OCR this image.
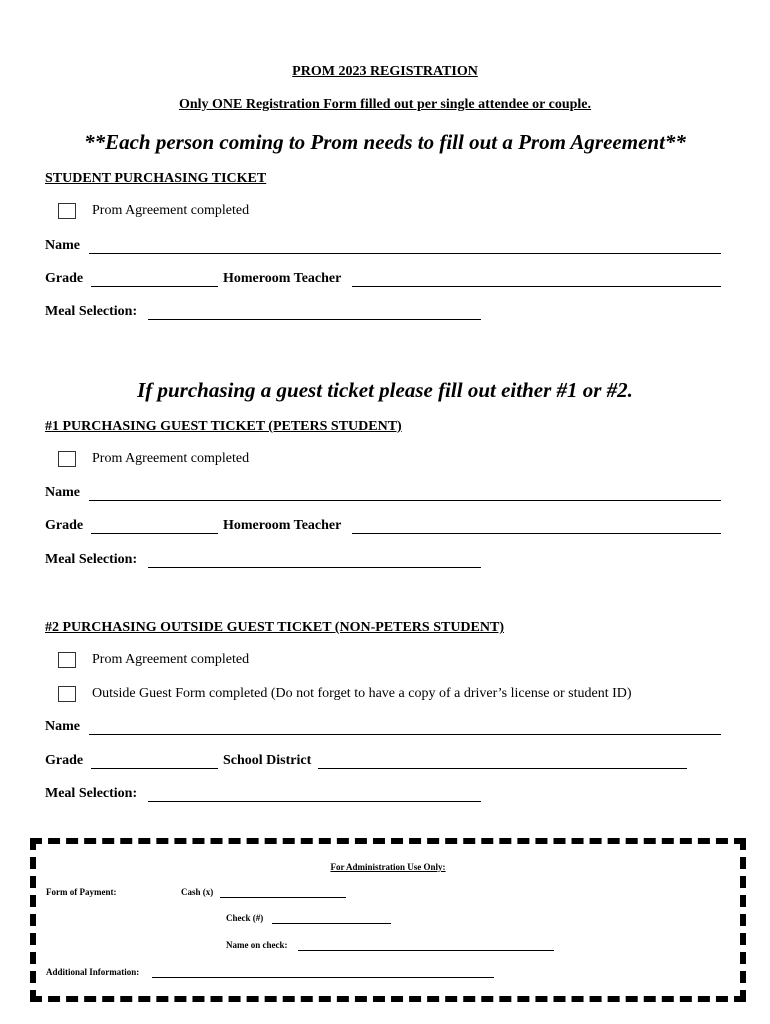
PROM 2023 REGISTRATION
Only ONE Registration Form filled out per single attendee or couple.
**Each person coming to Prom needs to fill out a Prom Agreement**
STUDENT PURCHASING TICKET
Prom Agreement completed
Name
Grade	Homeroom Teacher
Meal Selection:
If purchasing a guest ticket please fill out either #1 or #2.
#1 PURCHASING GUEST TICKET (PETERS STUDENT)
Prom Agreement completed
Name
Grade	Homeroom Teacher
Meal Selection:
#2 PURCHASING OUTSIDE GUEST TICKET (NON-PETERS STUDENT)
Prom Agreement completed
Outside Guest Form completed (Do not forget to have a copy of a driver’s license or student ID)
Name
Grade	School District
Meal Selection:
For Administration Use Only:
Form of Payment:	Cash (x)
Check (#)
Name on check:
Additional Information:
